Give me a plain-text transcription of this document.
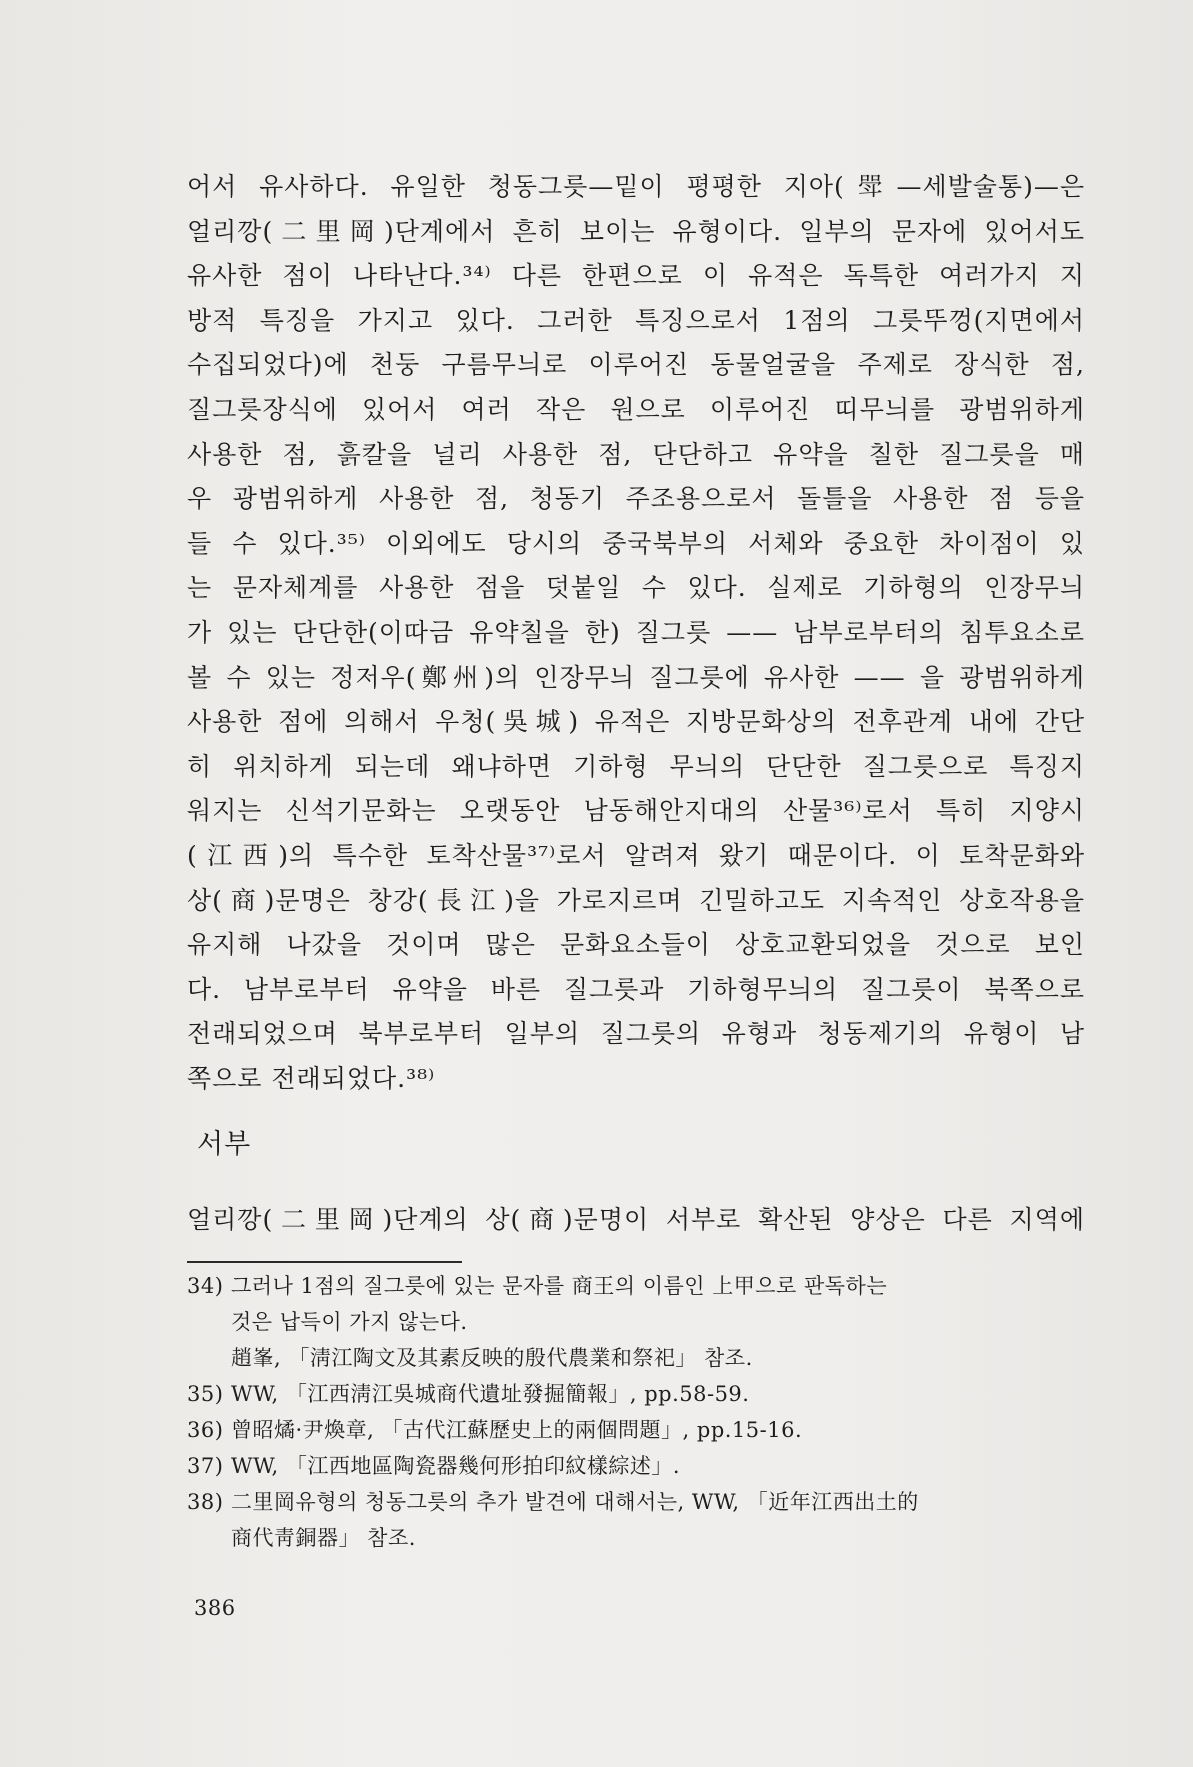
어서 유사하다. 유일한 청동그릇—밑이 평평한 지아(斝—세발술통)—은
얼리깡(二里岡)단계에서 흔히 보이는 유형이다. 일부의 문자에 있어서도
유사한 점이 나타난다.³⁴⁾ 다른 한편으로 이 유적은 독특한 여러가지 지
방적 특징을 가지고 있다. 그러한 특징으로서 1점의 그릇뚜껑(지면에서
수집되었다)에 천둥 구름무늬로 이루어진 동물얼굴을 주제로 장식한 점,
질그릇장식에 있어서 여러 작은 원으로 이루어진 띠무늬를 광범위하게
사용한 점, 흙칼을 널리 사용한 점, 단단하고 유약을 칠한 질그릇을 매
우 광범위하게 사용한 점, 청동기 주조용으로서 돌틀을 사용한 점 등을
들 수 있다.³⁵⁾ 이외에도 당시의 중국북부의 서체와 중요한 차이점이 있
는 문자체계를 사용한 점을 덧붙일 수 있다. 실제로 기하형의 인장무늬
가 있는 단단한(이따금 유약칠을 한) 질그릇 —— 남부로부터의 침투요소로
볼 수 있는 정저우(鄭州)의 인장무늬 질그릇에 유사한 —— 을 광범위하게
사용한 점에 의해서 우청(吳城) 유적은 지방문화상의 전후관계 내에 간단
히 위치하게 되는데 왜냐하면 기하형 무늬의 단단한 질그릇으로 특징지
워지는 신석기문화는 오랫동안 남동해안지대의 산물³⁶⁾로서 특히 지양시
(江西)의 특수한 토착산물³⁷⁾로서 알려져 왔기 때문이다. 이 토착문화와
상(商)문명은 창강(長江)을 가로지르며 긴밀하고도 지속적인 상호작용을
유지해 나갔을 것이며 많은 문화요소들이 상호교환되었을 것으로 보인
다. 남부로부터 유약을 바른 질그릇과 기하형무늬의 질그릇이 북쪽으로
전래되었으며 북부로부터 일부의 질그릇의 유형과 청동제기의 유형이 남
쪽으로 전래되었다.³⁸⁾
서부
얼리깡(二里岡)단계의 상(商)문명이 서부로 확산된 양상은 다른 지역에
34) 그러나 1점의 질그릇에 있는 문자를 商王의 이름인 上甲으로 판독하는
것은 납득이 가지 않는다.
趙峯, 「淸江陶文及其素反映的殷代農業和祭祀」 참조.
35) WW, 「江西淸江吳城商代遺址發掘簡報」, pp.58-59.
36) 曾昭燏·尹煥章, 「古代江蘇歷史上的兩個問題」, pp.15-16.
37) WW, 「江西地區陶瓷器幾何形拍印紋樣綜述」.
38) 二里岡유형의 청동그릇의 추가 발견에 대해서는, WW, 「近年江西出土的
商代靑銅器」 참조.
386
